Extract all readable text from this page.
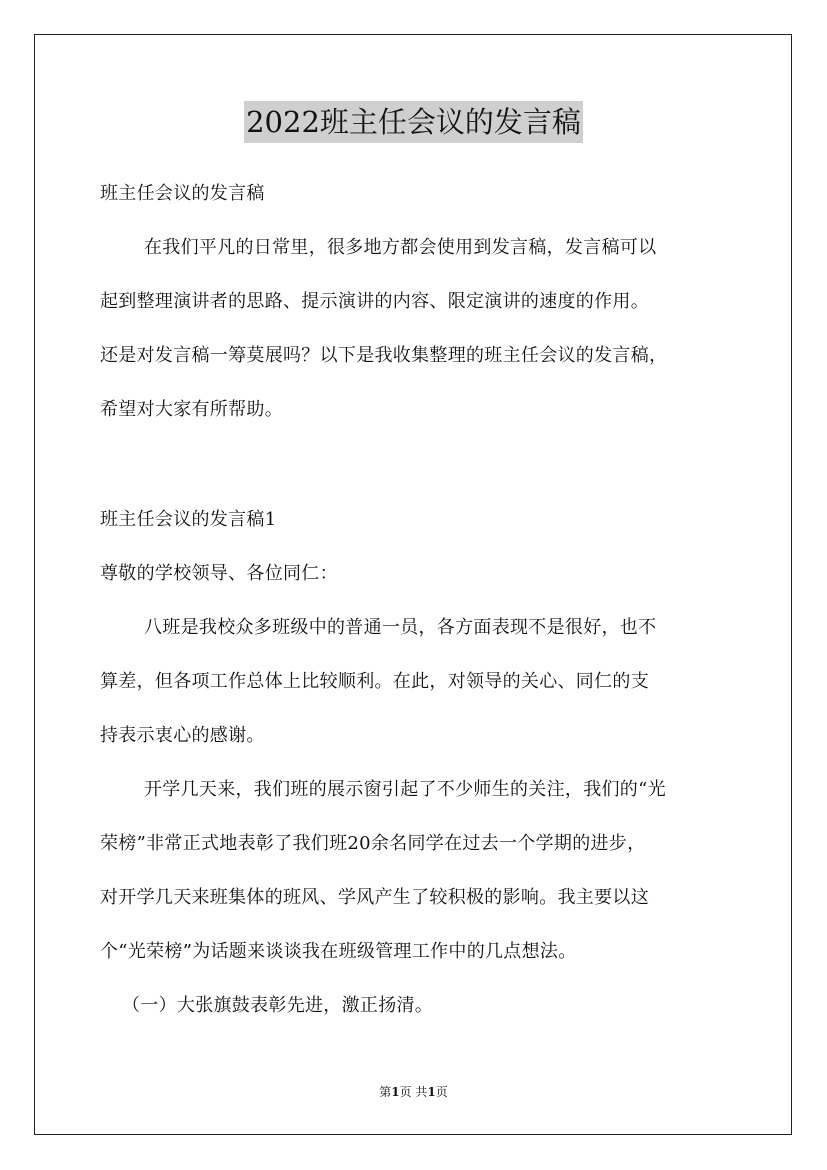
2022班主任会议的发言稿
班主任会议的发言稿
在我们平凡的日常里，很多地方都会使用到发言稿，发言稿可以
起到整理演讲者的思路、提示演讲的内容、限定演讲的速度的作用。
还是对发言稿一筹莫展吗？以下是我收集整理的班主任会议的发言稿，
希望对大家有所帮助。
班主任会议的发言稿1
尊敬的学校领导、各位同仁：
八班是我校众多班级中的普通一员，各方面表现不是很好，也不
算差，但各项工作总体上比较顺利。在此，对领导的关心、同仁的支
持表示衷心的感谢。
开学几天来，我们班的展示窗引起了不少师生的关注，我们的“光
荣榜”非常正式地表彰了我们班20余名同学在过去一个学期的进步，
对开学几天来班集体的班风、学风产生了较积极的影响。我主要以这
个“光荣榜”为话题来谈谈我在班级管理工作中的几点想法。
（一）大张旗鼓表彰先进，激正扬清。
第1页 共1页
